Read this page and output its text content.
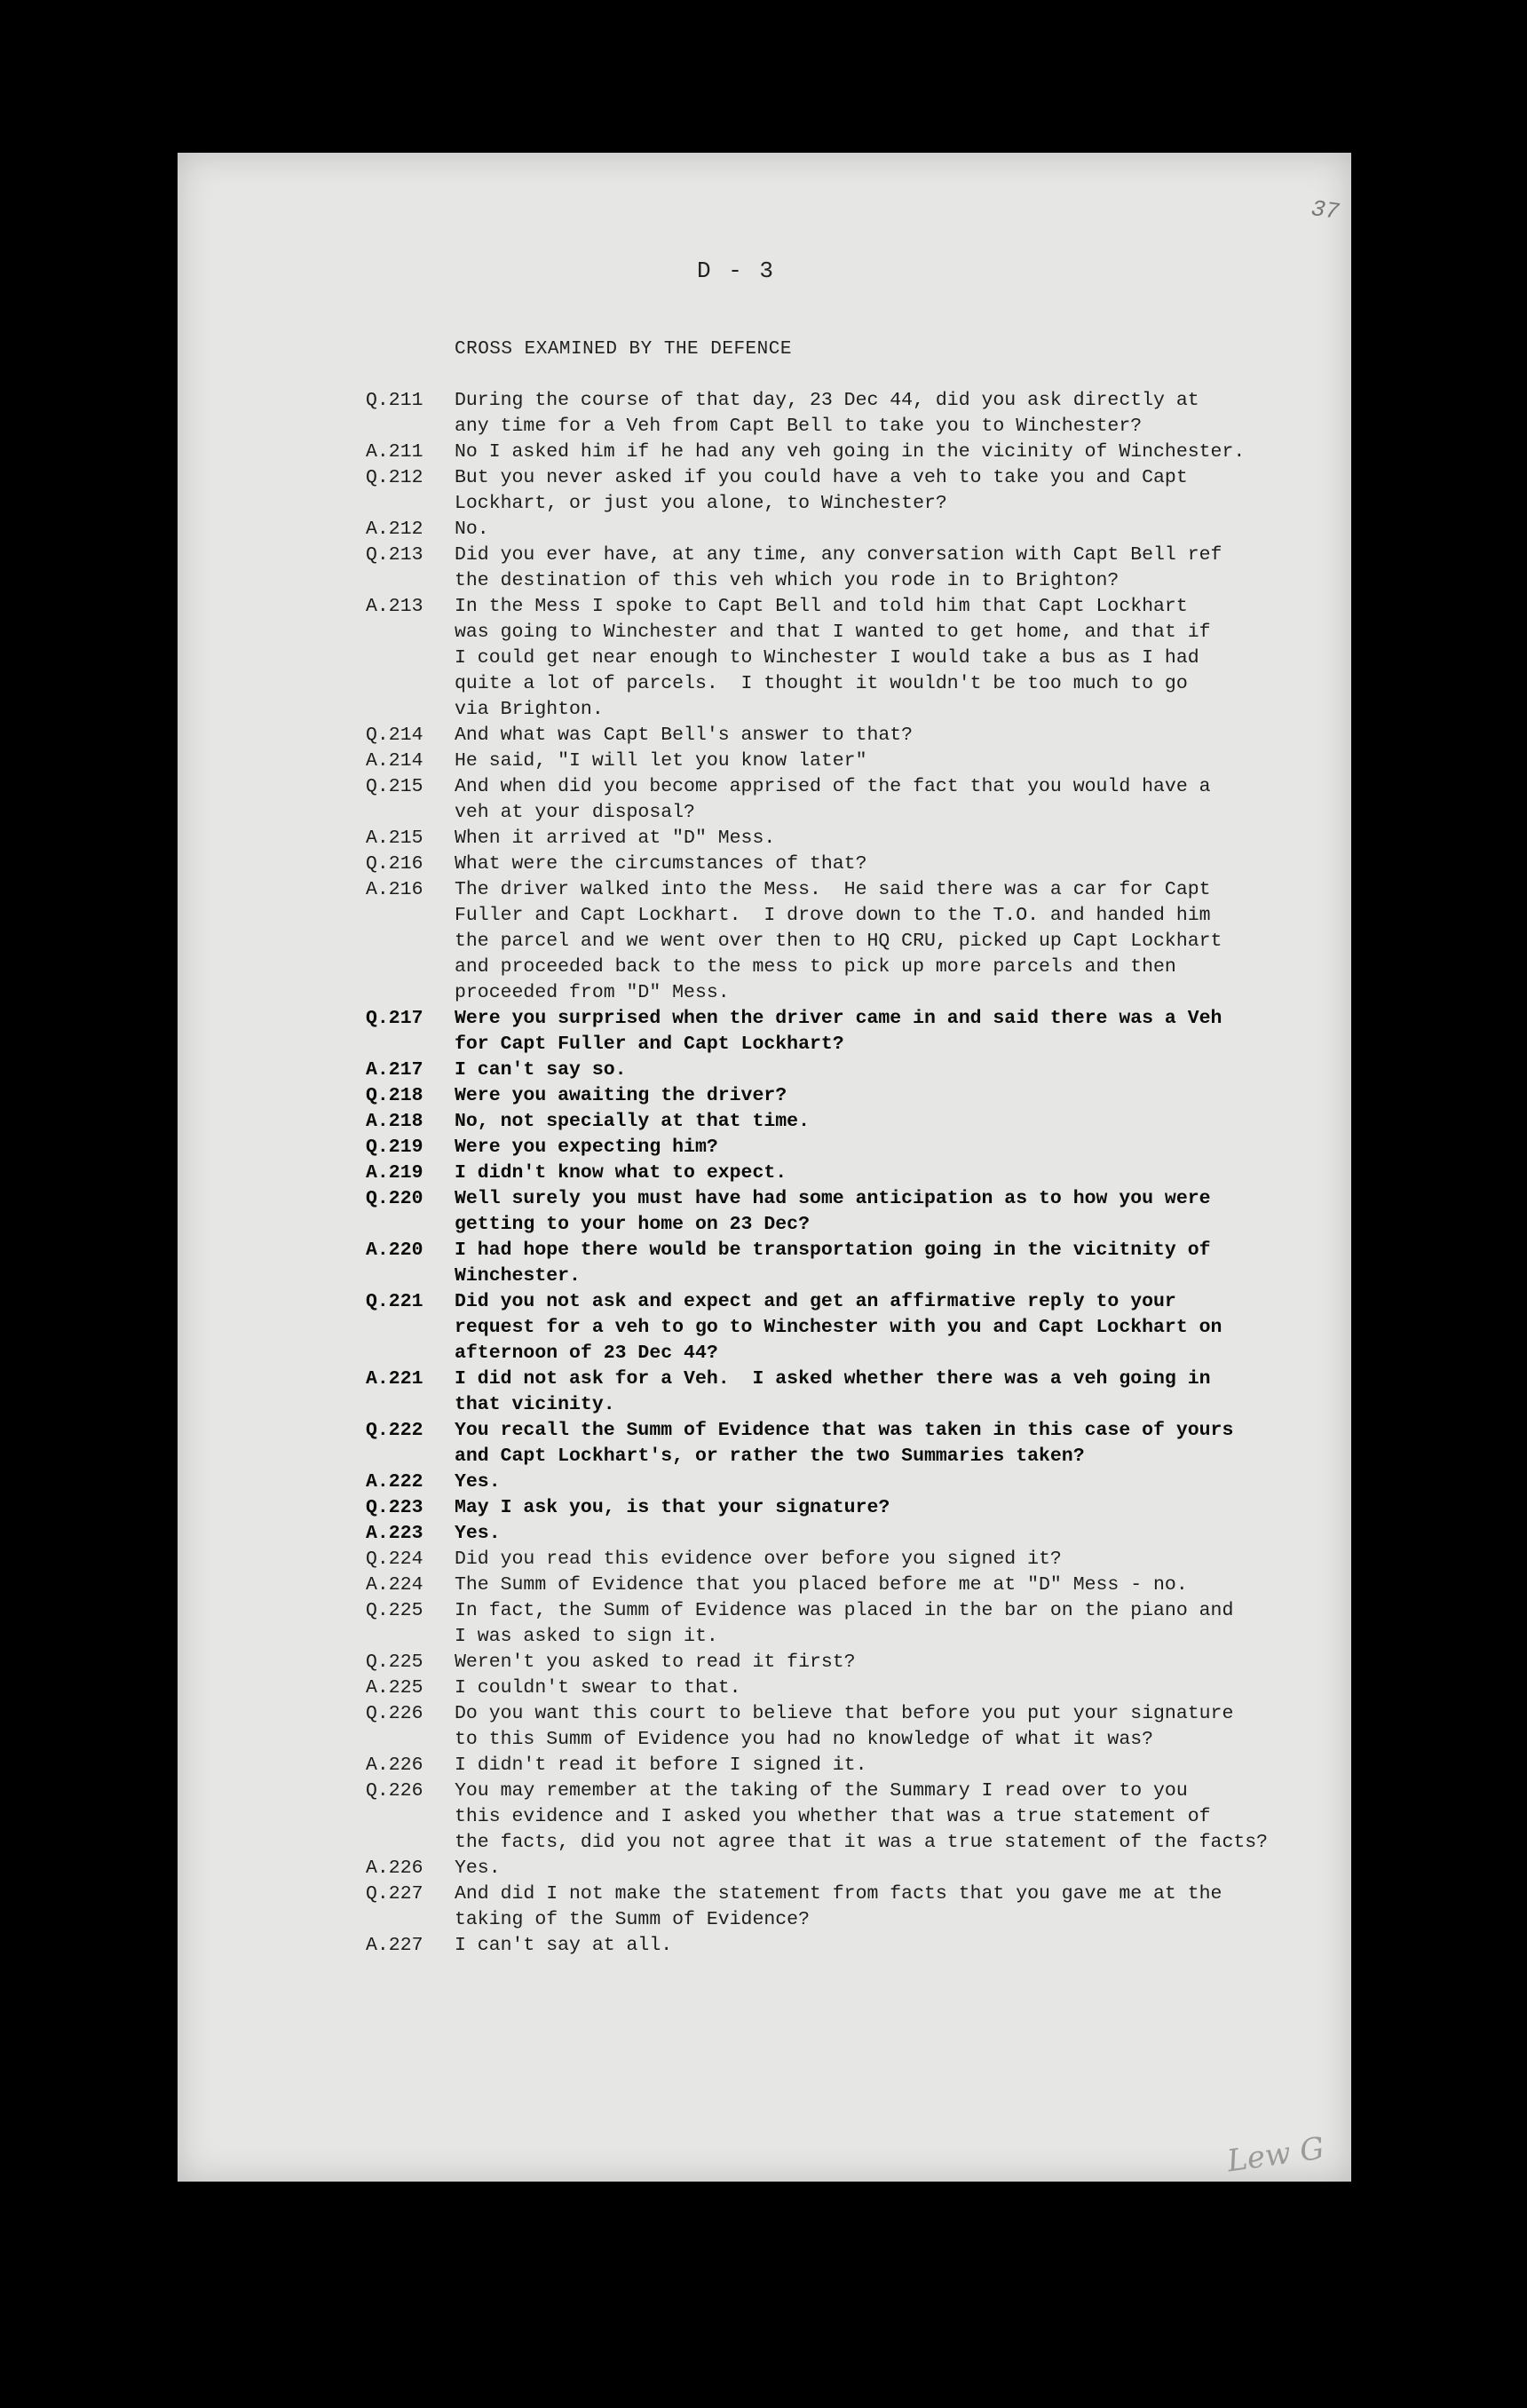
37
D - 3
CROSS EXAMINED BY THE DEFENCE
Q.211	During the course of that day, 23 Dec 44, did you ask directly at
any time for a Veh from Capt Bell to take you to Winchester?
A.211	No I asked him if he had any veh going in the vicinity of Winchester.
Q.212	But you never asked if you could have a veh to take you and Capt
Lockhart, or just you alone, to Winchester?
A.212	No.
Q.213	Did you ever have, at any time, any conversation with Capt Bell ref
the destination of this veh which you rode in to Brighton?
A.213	In the Mess I spoke to Capt Bell and told him that Capt Lockhart
was going to Winchester and that I wanted to get home, and that if
I could get near enough to Winchester I would take a bus as I had
quite a lot of parcels.  I thought it wouldn't be too much to go
via Brighton.
Q.214	And what was Capt Bell's answer to that?
A.214	He said, "I will let you know later"
Q.215	And when did you become apprised of the fact that you would have a
veh at your disposal?
A.215	When it arrived at "D" Mess.
Q.216	What were the circumstances of that?
A.216	The driver walked into the Mess.  He said there was a car for Capt
Fuller and Capt Lockhart.  I drove down to the T.O. and handed him
the parcel and we went over then to HQ CRU, picked up Capt Lockhart
and proceeded back to the mess to pick up more parcels and then
proceeded from "D" Mess.
Q.217	Were you surprised when the driver came in and said there was a Veh
for Capt Fuller and Capt Lockhart?
A.217	I can't say so.
Q.218	Were you awaiting the driver?
A.218	No, not specially at that time.
Q.219	Were you expecting him?
A.219	I didn't know what to expect.
Q.220	Well surely you must have had some anticipation as to how you were
getting to your home on 23 Dec?
A.220	I had hope there would be transportation going in the vicitnity of
Winchester.
Q.221	Did you not ask and expect and get an affirmative reply to your
request for a veh to go to Winchester with you and Capt Lockhart on
afternoon of 23 Dec 44?
A.221	I did not ask for a Veh.  I asked whether there was a veh going in
that vicinity.
Q.222	You recall the Summ of Evidence that was taken in this case of yours
and Capt Lockhart's, or rather the two Summaries taken?
A.222	Yes.
Q.223	May I ask you, is that your signature?
A.223	Yes.
Q.224	Did you read this evidence over before you signed it?
A.224	The Summ of Evidence that you placed before me at "D" Mess - no.
Q.225	In fact, the Summ of Evidence was placed in the bar on the piano and
I was asked to sign it.
Q.225	Weren't you asked to read it first?
A.225	I couldn't swear to that.
Q.226	Do you want this court to believe that before you put your signature
to this Summ of Evidence you had no knowledge of what it was?
A.226	I didn't read it before I signed it.
Q.226	You may remember at the taking of the Summary I read over to you
this evidence and I asked you whether that was a true statement of
the facts, did you not agree that it was a true statement of the facts?
A.226	Yes.
Q.227	And did I not make the statement from facts that you gave me at the
taking of the Summ of Evidence?
A.227	I can't say at all.
Lew G
